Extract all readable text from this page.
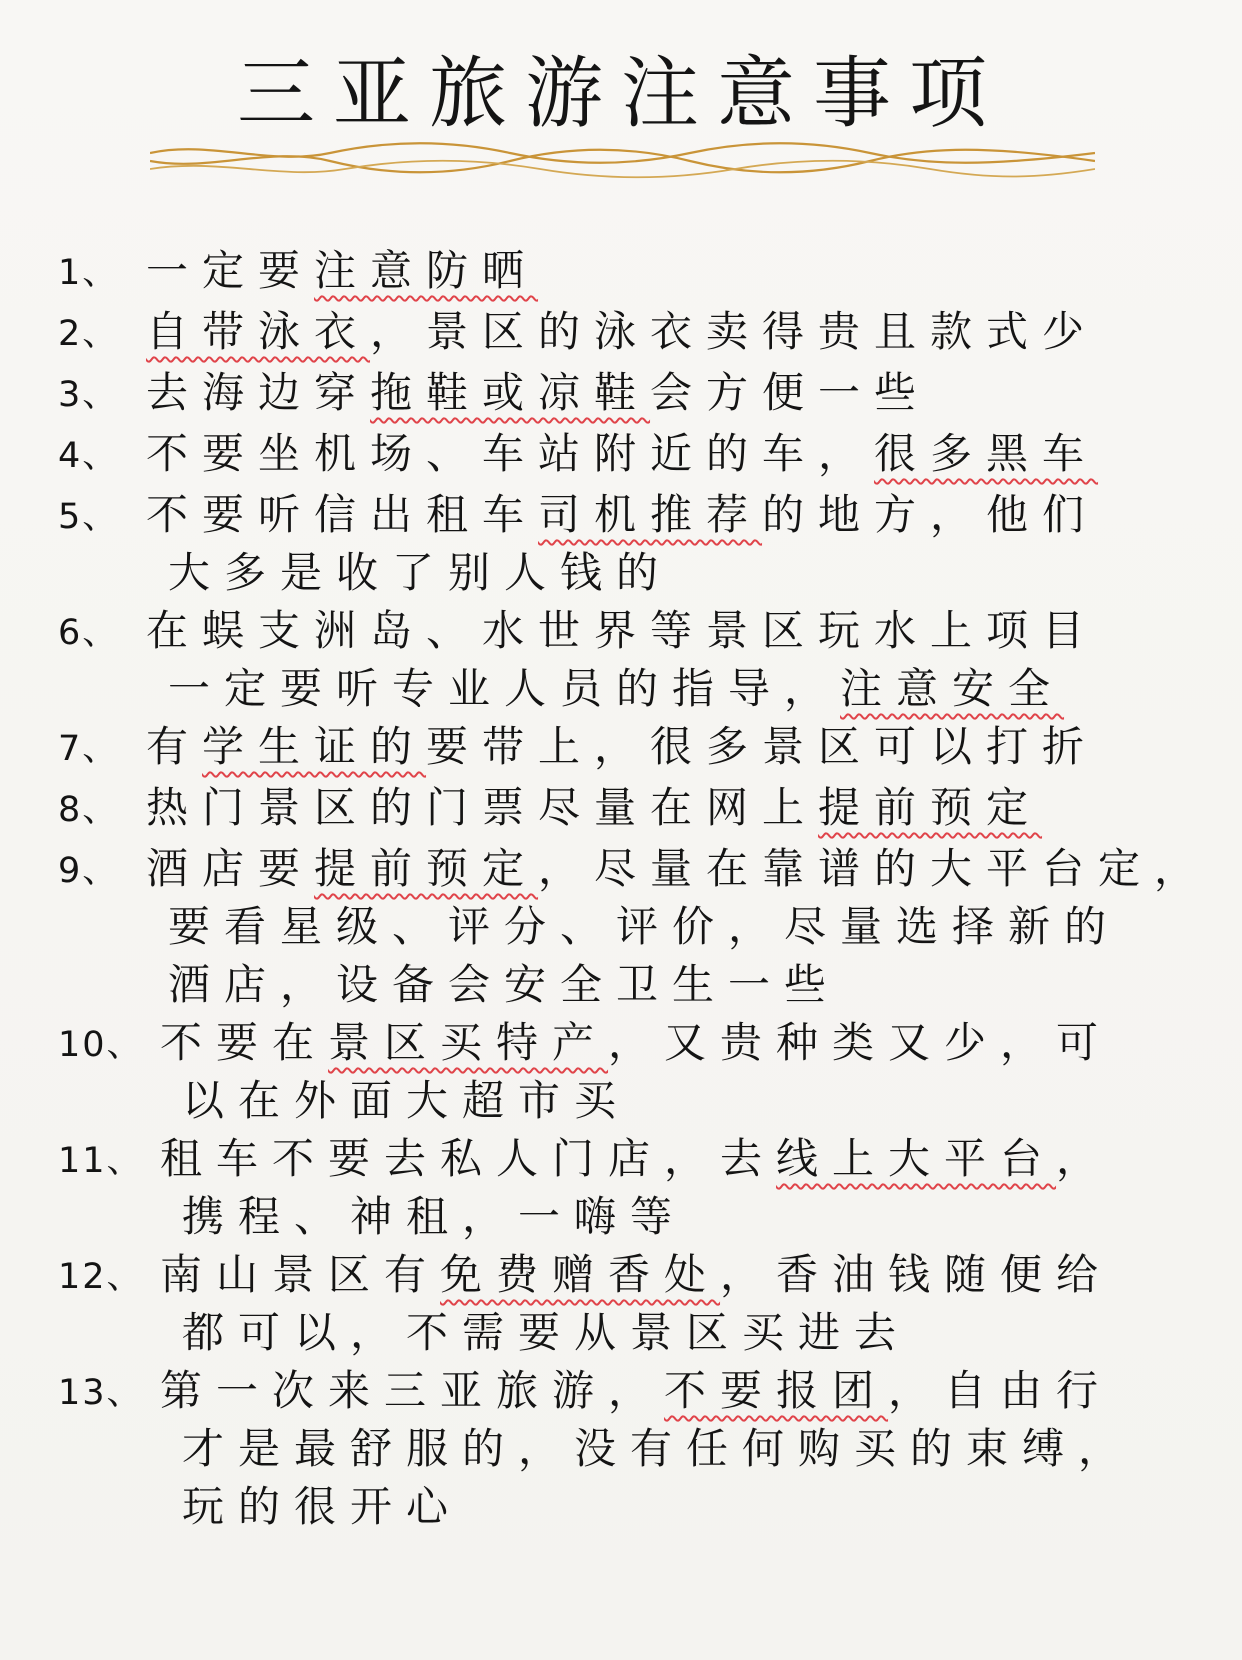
三亚旅游注意事项
1、 一定要注意防晒
2、 自带泳衣，景区的泳衣卖得贵且款式少
3、 去海边穿拖鞋或凉鞋会方便一些
4、 不要坐机场、车站附近的车，很多黑车
5、 不要听信出租车司机推荐的地方，他们
大多是收了别人钱的
6、 在蜈支洲岛、水世界等景区玩水上项目
一定要听专业人员的指导，注意安全
7、 有学生证的要带上，很多景区可以打折
8、 热门景区的门票尽量在网上提前预定
9、 酒店要提前预定，尽量在靠谱的大平台定，
要看星级、评分、评价，尽量选择新的
酒店，设备会安全卫生一些
10、 不要在景区买特产，又贵种类又少，可
以在外面大超市买
11、 租车不要去私人门店，去线上大平台，
携程、神租，一嗨等
12、 南山景区有免费赠香处，香油钱随便给
都可以，不需要从景区买进去
13、 第一次来三亚旅游，不要报团，自由行
才是最舒服的，没有任何购买的束缚，
玩的很开心
